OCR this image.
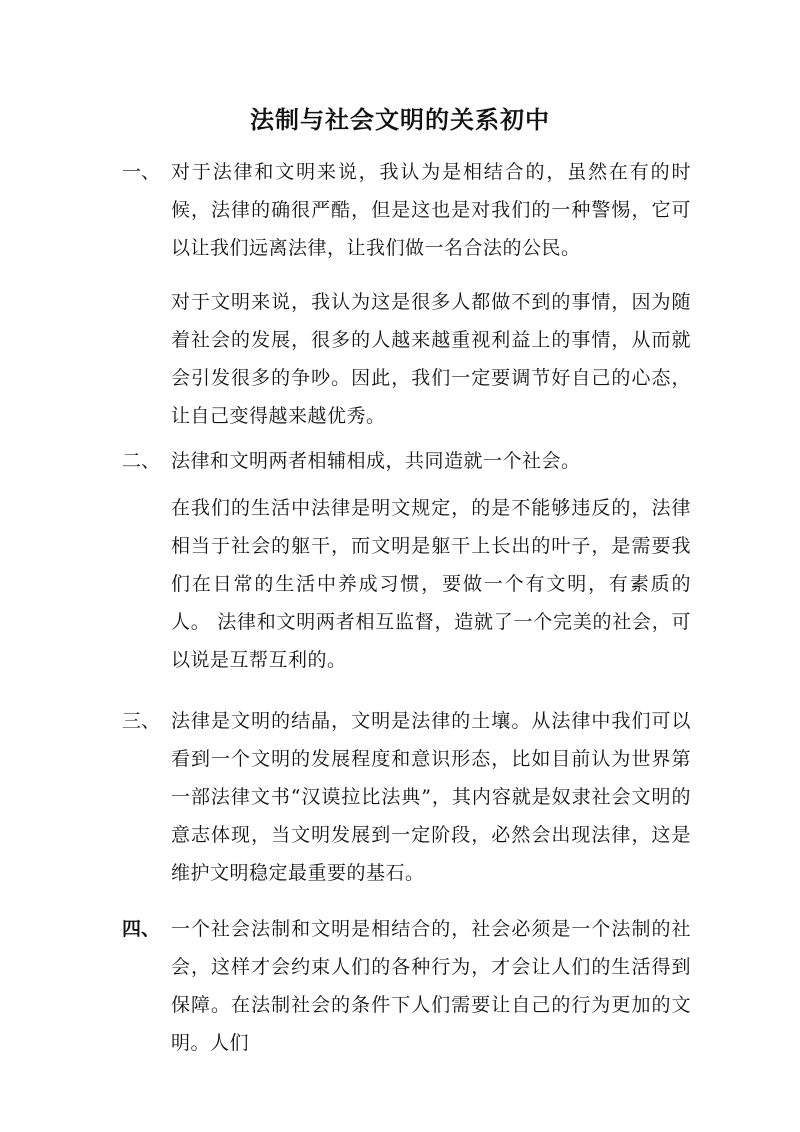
法制与社会文明的关系初中
一、 对于法律和文明来说，我认为是相结合的，虽然在有的时候，法律的确很严酷，但是这也是对我们的一种警惕，它可以让我们远离法律，让我们做一名合法的公民。
对于文明来说，我认为这是很多人都做不到的事情，因为随着社会的发展，很多的人越来越重视利益上的事情，从而就会引发很多的争吵。因此，我们一定要调节好自己的心态，让自己变得越来越优秀。
二、 法律和文明两者相辅相成，共同造就一个社会。
在我们的生活中法律是明文规定，的是不能够违反的，法律相当于社会的躯干，而文明是躯干上长出的叶子，是需要我们在日常的生活中养成习惯，要做一个有文明，有素质的人。 法律和文明两者相互监督，造就了一个完美的社会，可以说是互帮互利的。
三、 法律是文明的结晶，文明是法律的土壤。从法律中我们可以看到一个文明的发展程度和意识形态，比如目前认为世界第一部法律文书“汉谟拉比法典”，其内容就是奴隶社会文明的意志体现，当文明发展到一定阶段，必然会出现法律，这是维护文明稳定最重要的基石。
四、 一个社会法制和文明是相结合的，社会必须是一个法制的社会，这样才会约束人们的各种行为，才会让人们的生活得到保障。在法制社会的条件下人们需要让自己的行为更加的文明。人们
